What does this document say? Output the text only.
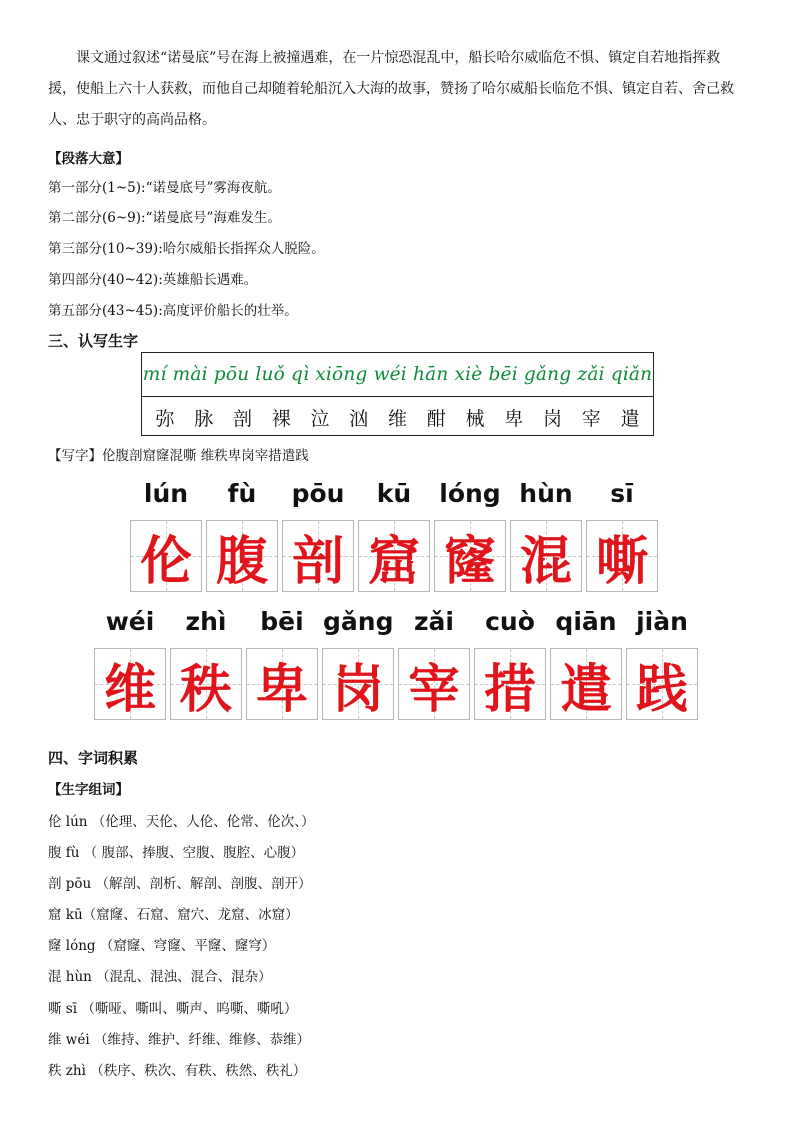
课文通过叙述“诺曼底”号在海上被撞遇难，在一片惊恐混乱中，船长哈尔威临危不惧、镇定自若地指挥救援，使船上六十人获救，而他自己却随着轮船沉入大海的故事，赞扬了哈尔威船长临危不惧、镇定自若、舍己救人、忠于职守的高尚品格。
【段落大意】
第一部分(1~5):“诺曼底号”雾海夜航。
第二部分(6~9):“诺曼底号”海难发生。
第三部分(10~39):哈尔威船长指挥众人脱险。
第四部分(40~42):英雄船长遇难。
第五部分(43~45):高度评价船长的壮举。
三、认写生字
mí mài pōu luǒ qì xiōng wéi hān xiè bēi gǎng zǎi qiǎn
弥 脉 剖 裸 泣 汹 维 酣 械 卑 岗 宰 遣
【写字】伦腹剖窟窿混嘶 维秩卑岗宰措遣践
lún
伦
fù
腹
pōu
剖
kū
窟
lóng
窿
hùn
混
sī
嘶
wéi
维
zhì
秩
bēi
卑
gǎng
岗
zǎi
宰
cuò
措
qiān
遣
jiàn
践
四、字词积累
【生字组词】
伦 lún （伦理、天伦、人伦、伦常、伦次、）
腹 fù （ 腹部、捧腹、空腹、腹腔、心腹）
剖 pōu （解剖、剖析、解剖、剖腹、剖开）
窟 kū（窟窿、石窟、窟穴、龙窟、冰窟）
窿 lóng （窟窿、穹窿、平窿、窿穹）
混 hùn （混乱、混浊、混合、混杂）
嘶 sī （嘶哑、嘶叫、嘶声、呜嘶、嘶吼）
维 wéi （维持、维护、纤维、维修、恭维）
秩 zhì （秩序、秩次、有秩、秩然、秩礼）
